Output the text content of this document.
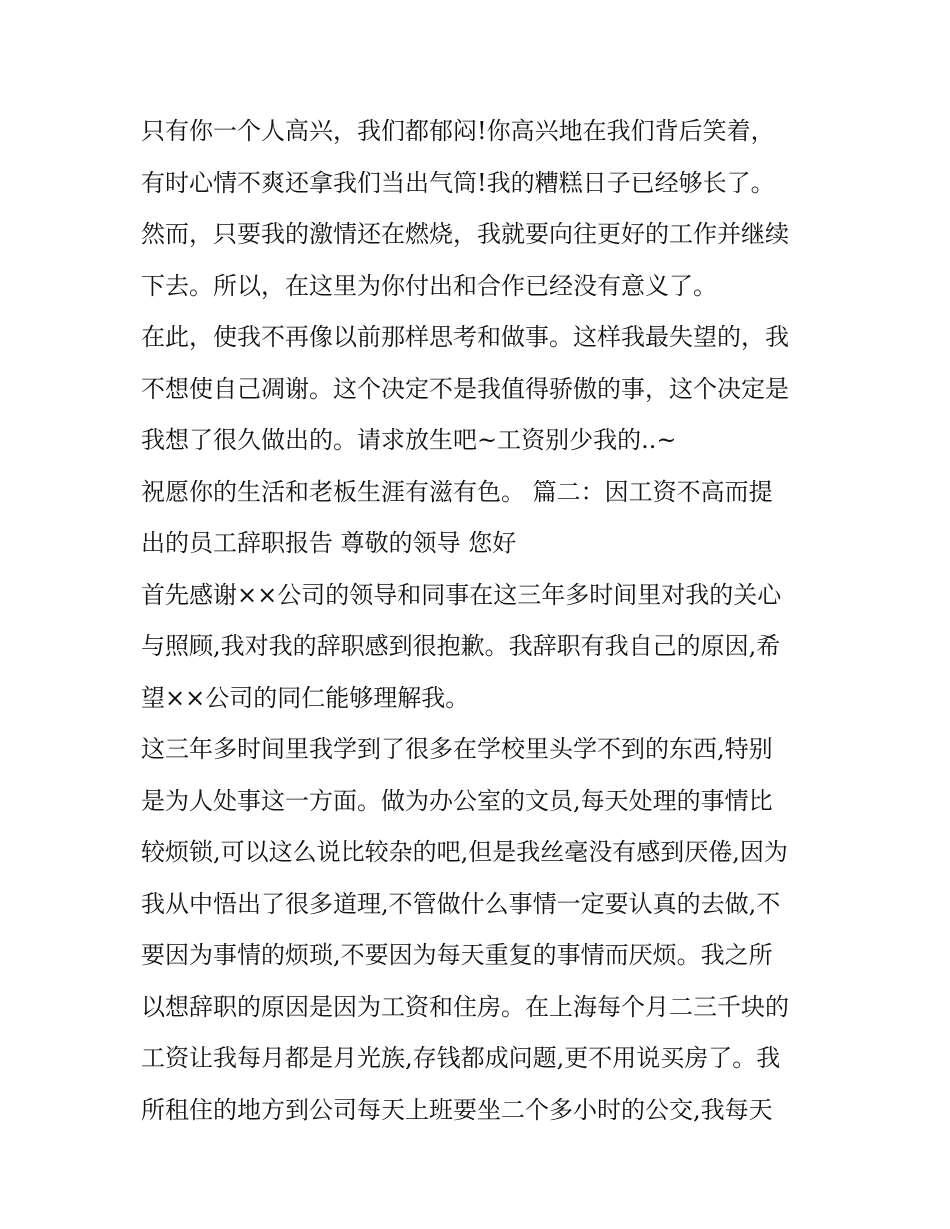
只有你一个人高兴，我们都郁闷!你高兴地在我们背后笑着，
有时心情不爽还拿我们当出气筒!我的糟糕日子已经够长了。
然而，只要我的激情还在燃烧，我就要向往更好的工作并继续
下去。所以，在这里为你付出和合作已经没有意义了。
在此，使我不再像以前那样思考和做事。这样我最失望的，我
不想使自己凋谢。这个决定不是我值得骄傲的事，这个决定是
我想了很久做出的。请求放生吧~工资别少我的..~
祝愿你的生活和老板生涯有滋有色。 篇二：因工资不高而提
出的员工辞职报告 尊敬的领导 您好
首先感谢××公司的领导和同事在这三年多时间里对我的关心
与照顾,我对我的辞职感到很抱歉。我辞职有我自己的原因,希
望××公司的同仁能够理解我。
这三年多时间里我学到了很多在学校里头学不到的东西,特别
是为人处事这一方面。做为办公室的文员,每天处理的事情比
较烦锁,可以这么说比较杂的吧,但是我丝毫没有感到厌倦,因为
我从中悟出了很多道理,不管做什么事情一定要认真的去做,不
要因为事情的烦琐,不要因为每天重复的事情而厌烦。我之所
以想辞职的原因是因为工资和住房。在上海每个月二三千块的
工资让我每月都是月光族,存钱都成问题,更不用说买房了。我
所租住的地方到公司每天上班要坐二个多小时的公交,我每天
